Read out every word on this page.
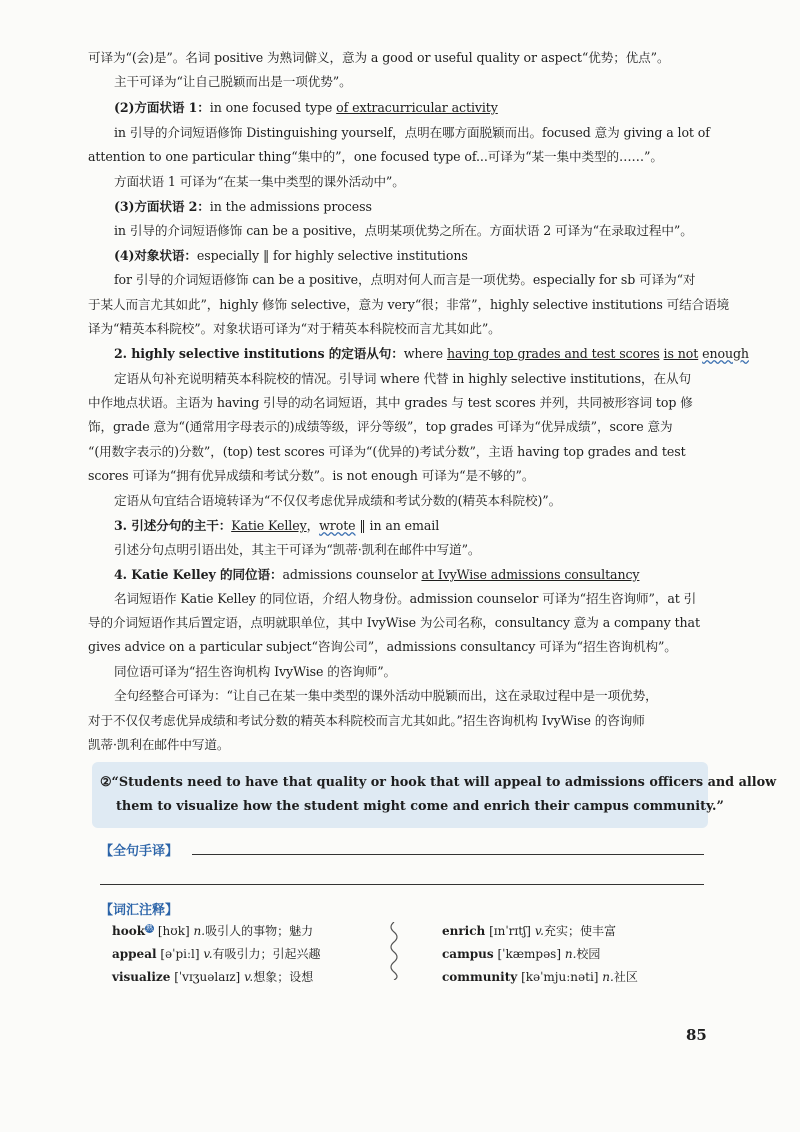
可译为“(会)是”。名词 positive 为熟词僻义，意为 a good or useful quality or aspect“优势；优点”。
主干可译为“让自己脱颖而出是一项优势”。
(2)方面状语 1：in one focused type of extracurricular activity
in 引导的介词短语修饰 Distinguishing yourself，点明在哪方面脱颖而出。focused 意为 giving a lot of
attention to one particular thing“集中的”，one focused type of...可译为“某一集中类型的……”。
方面状语 1 可译为“在某一集中类型的课外活动中”。
(3)方面状语 2：in the admissions process
in 引导的介词短语修饰 can be a positive，点明某项优势之所在。方面状语 2 可译为“在录取过程中”。
(4)对象状语：especially ‖ for highly selective institutions
for 引导的介词短语修饰 can be a positive，点明对何人而言是一项优势。especially for sb 可译为“对
于某人而言尤其如此”，highly 修饰 selective，意为 very“很；非常”，highly selective institutions 可结合语境
译为“精英本科院校”。对象状语可译为“对于精英本科院校而言尤其如此”。
2. highly selective institutions 的定语从句：where having top grades and test scores is not enough
定语从句补充说明精英本科院校的情况。引导词 where 代替 in highly selective institutions，在从句
中作地点状语。主语为 having 引导的动名词短语，其中 grades 与 test scores 并列，共同被形容词 top 修
饰，grade 意为“(通常用字母表示的)成绩等级，评分等级”，top grades 可译为“优异成绩”，score 意为
“(用数字表示的)分数”，(top) test scores 可译为“(优异的)考试分数”，主语 having top grades and test
scores 可译为“拥有优异成绩和考试分数”。is not enough 可译为“是不够的”。
定语从句宜结合语境转译为“不仅仅考虑优异成绩和考试分数的(精英本科院校)”。
3. 引述分句的主干：Katie Kelley，wrote ‖ in an email
引述分句点明引语出处，其主干可译为“凯蒂·凯利在邮件中写道”。
4. Katie Kelley 的同位语：admissions counselor at IvyWise admissions consultancy
名词短语作 Katie Kelley 的同位语，介绍人物身份。admission counselor 可译为“招生咨询师”，at 引
导的介词短语作其后置定语，点明就职单位，其中 IvyWise 为公司名称，consultancy 意为 a company that
gives advice on a particular subject“咨询公司”，admissions consultancy 可译为“招生咨询机构”。
同位语可译为“招生咨询机构 IvyWise 的咨询师”。
全句经整合可译为：“让自己在某一集中类型的课外活动中脱颖而出，这在录取过程中是一项优势，
对于不仅仅考虑优异成绩和考试分数的精英本科院校而言尤其如此。”招生咨询机构 IvyWise 的咨询师
凯蒂·凯利在邮件中写道。
②“Students need to have that quality or hook that will appeal to admissions officers and allow
them to visualize how the student might come and enrich their campus community.”
【全句手译】
【词汇注释】
hook熟 [hʊk] n.吸引人的事物；魅力
appeal [əˈpiːl] v.有吸引力；引起兴趣
visualize [ˈvɪʒuəlaɪz] v.想象；设想
enrich [ɪnˈrɪtʃ] v.充实；使丰富
campus [ˈkæmpəs] n.校园
community [kəˈmjuːnəti] n.社区
85
